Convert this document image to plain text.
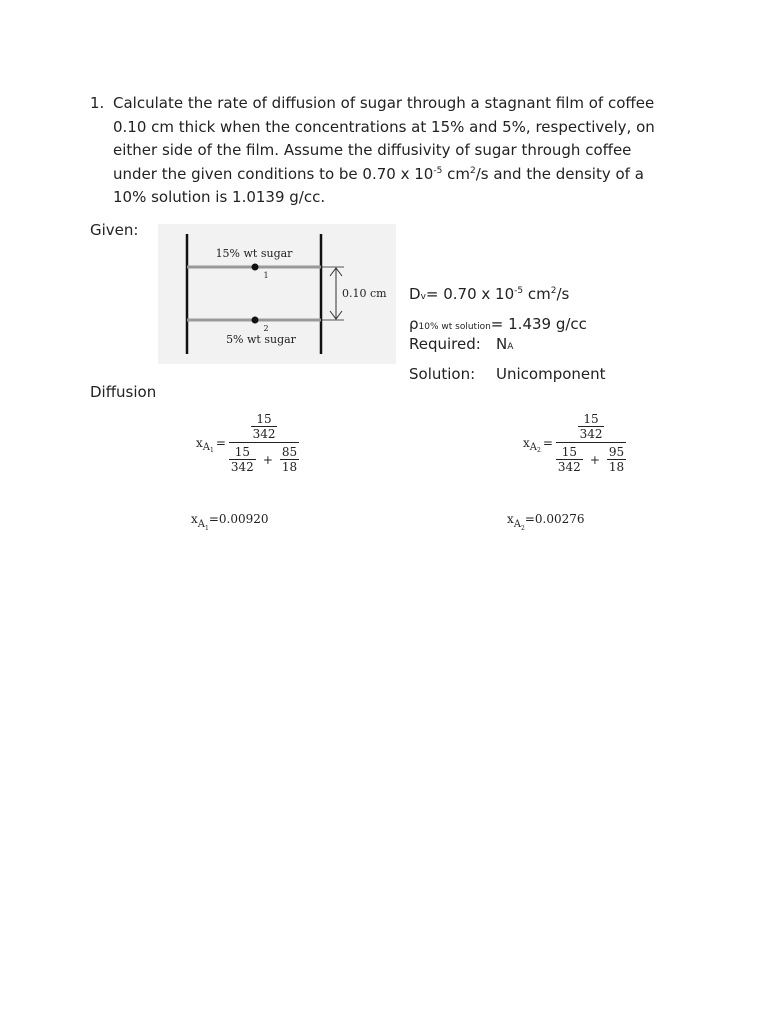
1. Calculate the rate of diffusion of sugar through a stagnant film of coffee
0.10 cm thick when the concentrations at 15% and 5%, respectively, on
either side of the film. Assume the diffusivity of sugar through coffee
under the given conditions to be 0.70 x $10^{-5}$ $cm^2/s$ and the density of a
10% solution is 1.0139 g/cc.
Given:
15% wt sugar
1
2
5% wt sugar
0.10 cm Dv= 0.70 x $10^{-5}$ $cm^2/s$
ρ10% wt solution= 1.439 g/cc
Required: NA
Solution: Unicomponent
Diffusion
x A $1 = \frac{\frac{15}{342}}{\frac{15}{342} + \frac{85}{18}}$	x A $2 = \frac{\frac{15}{342}}{\frac{15}{342} + \frac{95}{18}}$
$x_{A1}=0.00920$	$x_{A2}=0.00276$
